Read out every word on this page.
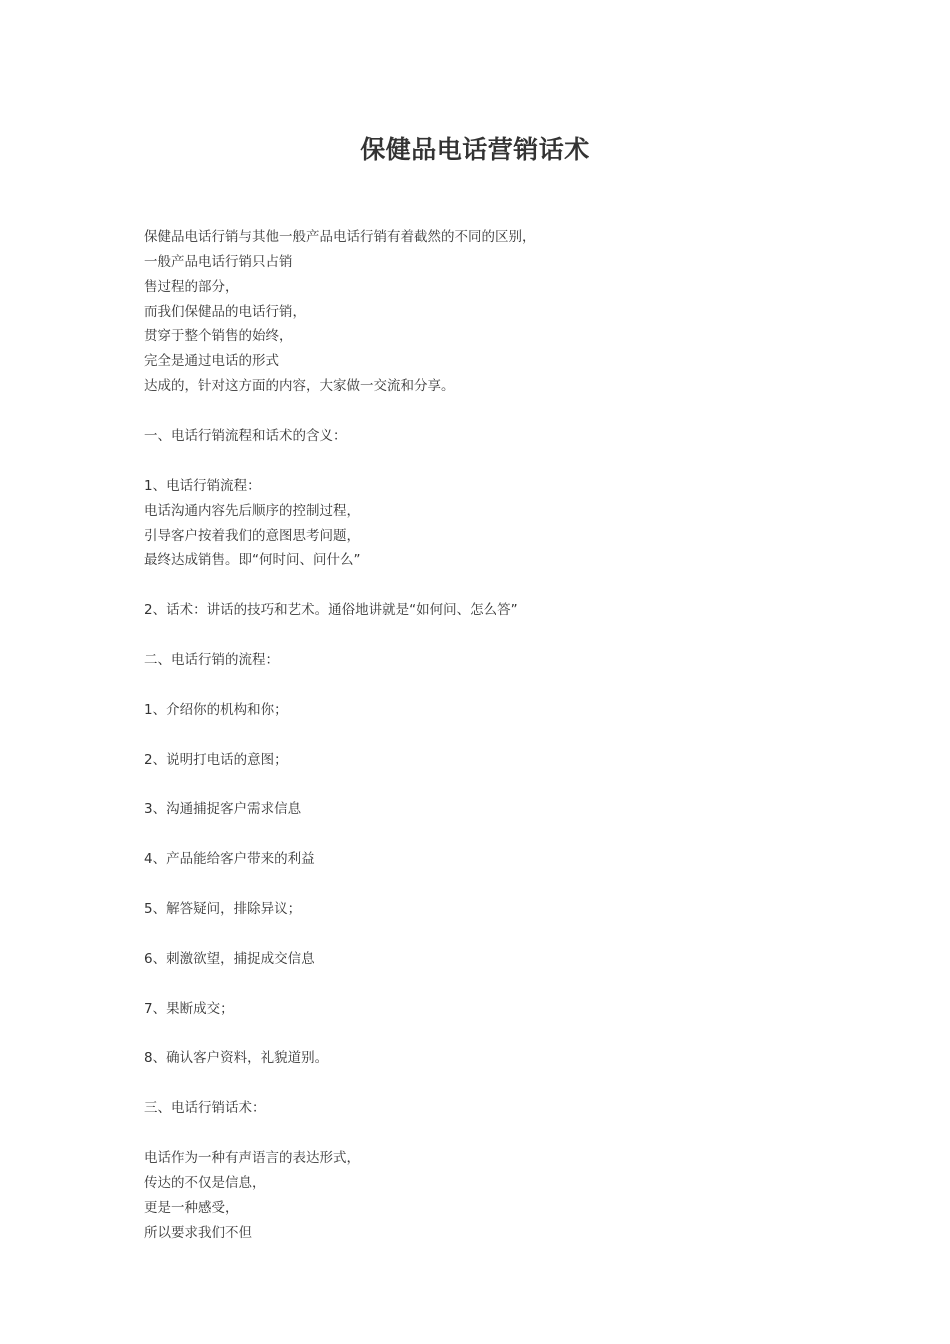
保健品电话营销话术
保健品电话行销与其他一般产品电话行销有着截然的不同的区别，
一般产品电话行销只占销
售过程的部分，
而我们保健品的电话行销，
贯穿于整个销售的始终，
完全是通过电话的形式
达成的，针对这方面的内容，大家做一交流和分享。
一、电话行销流程和话术的含义：
1、电话行销流程：
电话沟通内容先后顺序的控制过程，
引导客户按着我们的意图思考问题，
最终达成销售。即“何时问、问什么”
2、话术：讲话的技巧和艺术。通俗地讲就是“如何问、怎么答”
二、电话行销的流程：
1、介绍你的机构和你；
2、说明打电话的意图；
3、沟通捕捉客户需求信息
4、产品能给客户带来的利益
5、解答疑问，排除异议；
6、刺激欲望，捕捉成交信息
7、果断成交；
8、确认客户资料，礼貌道别。
三、电话行销话术：
电话作为一种有声语言的表达形式，
传达的不仅是信息，
更是一种感受，
所以要求我们不但
